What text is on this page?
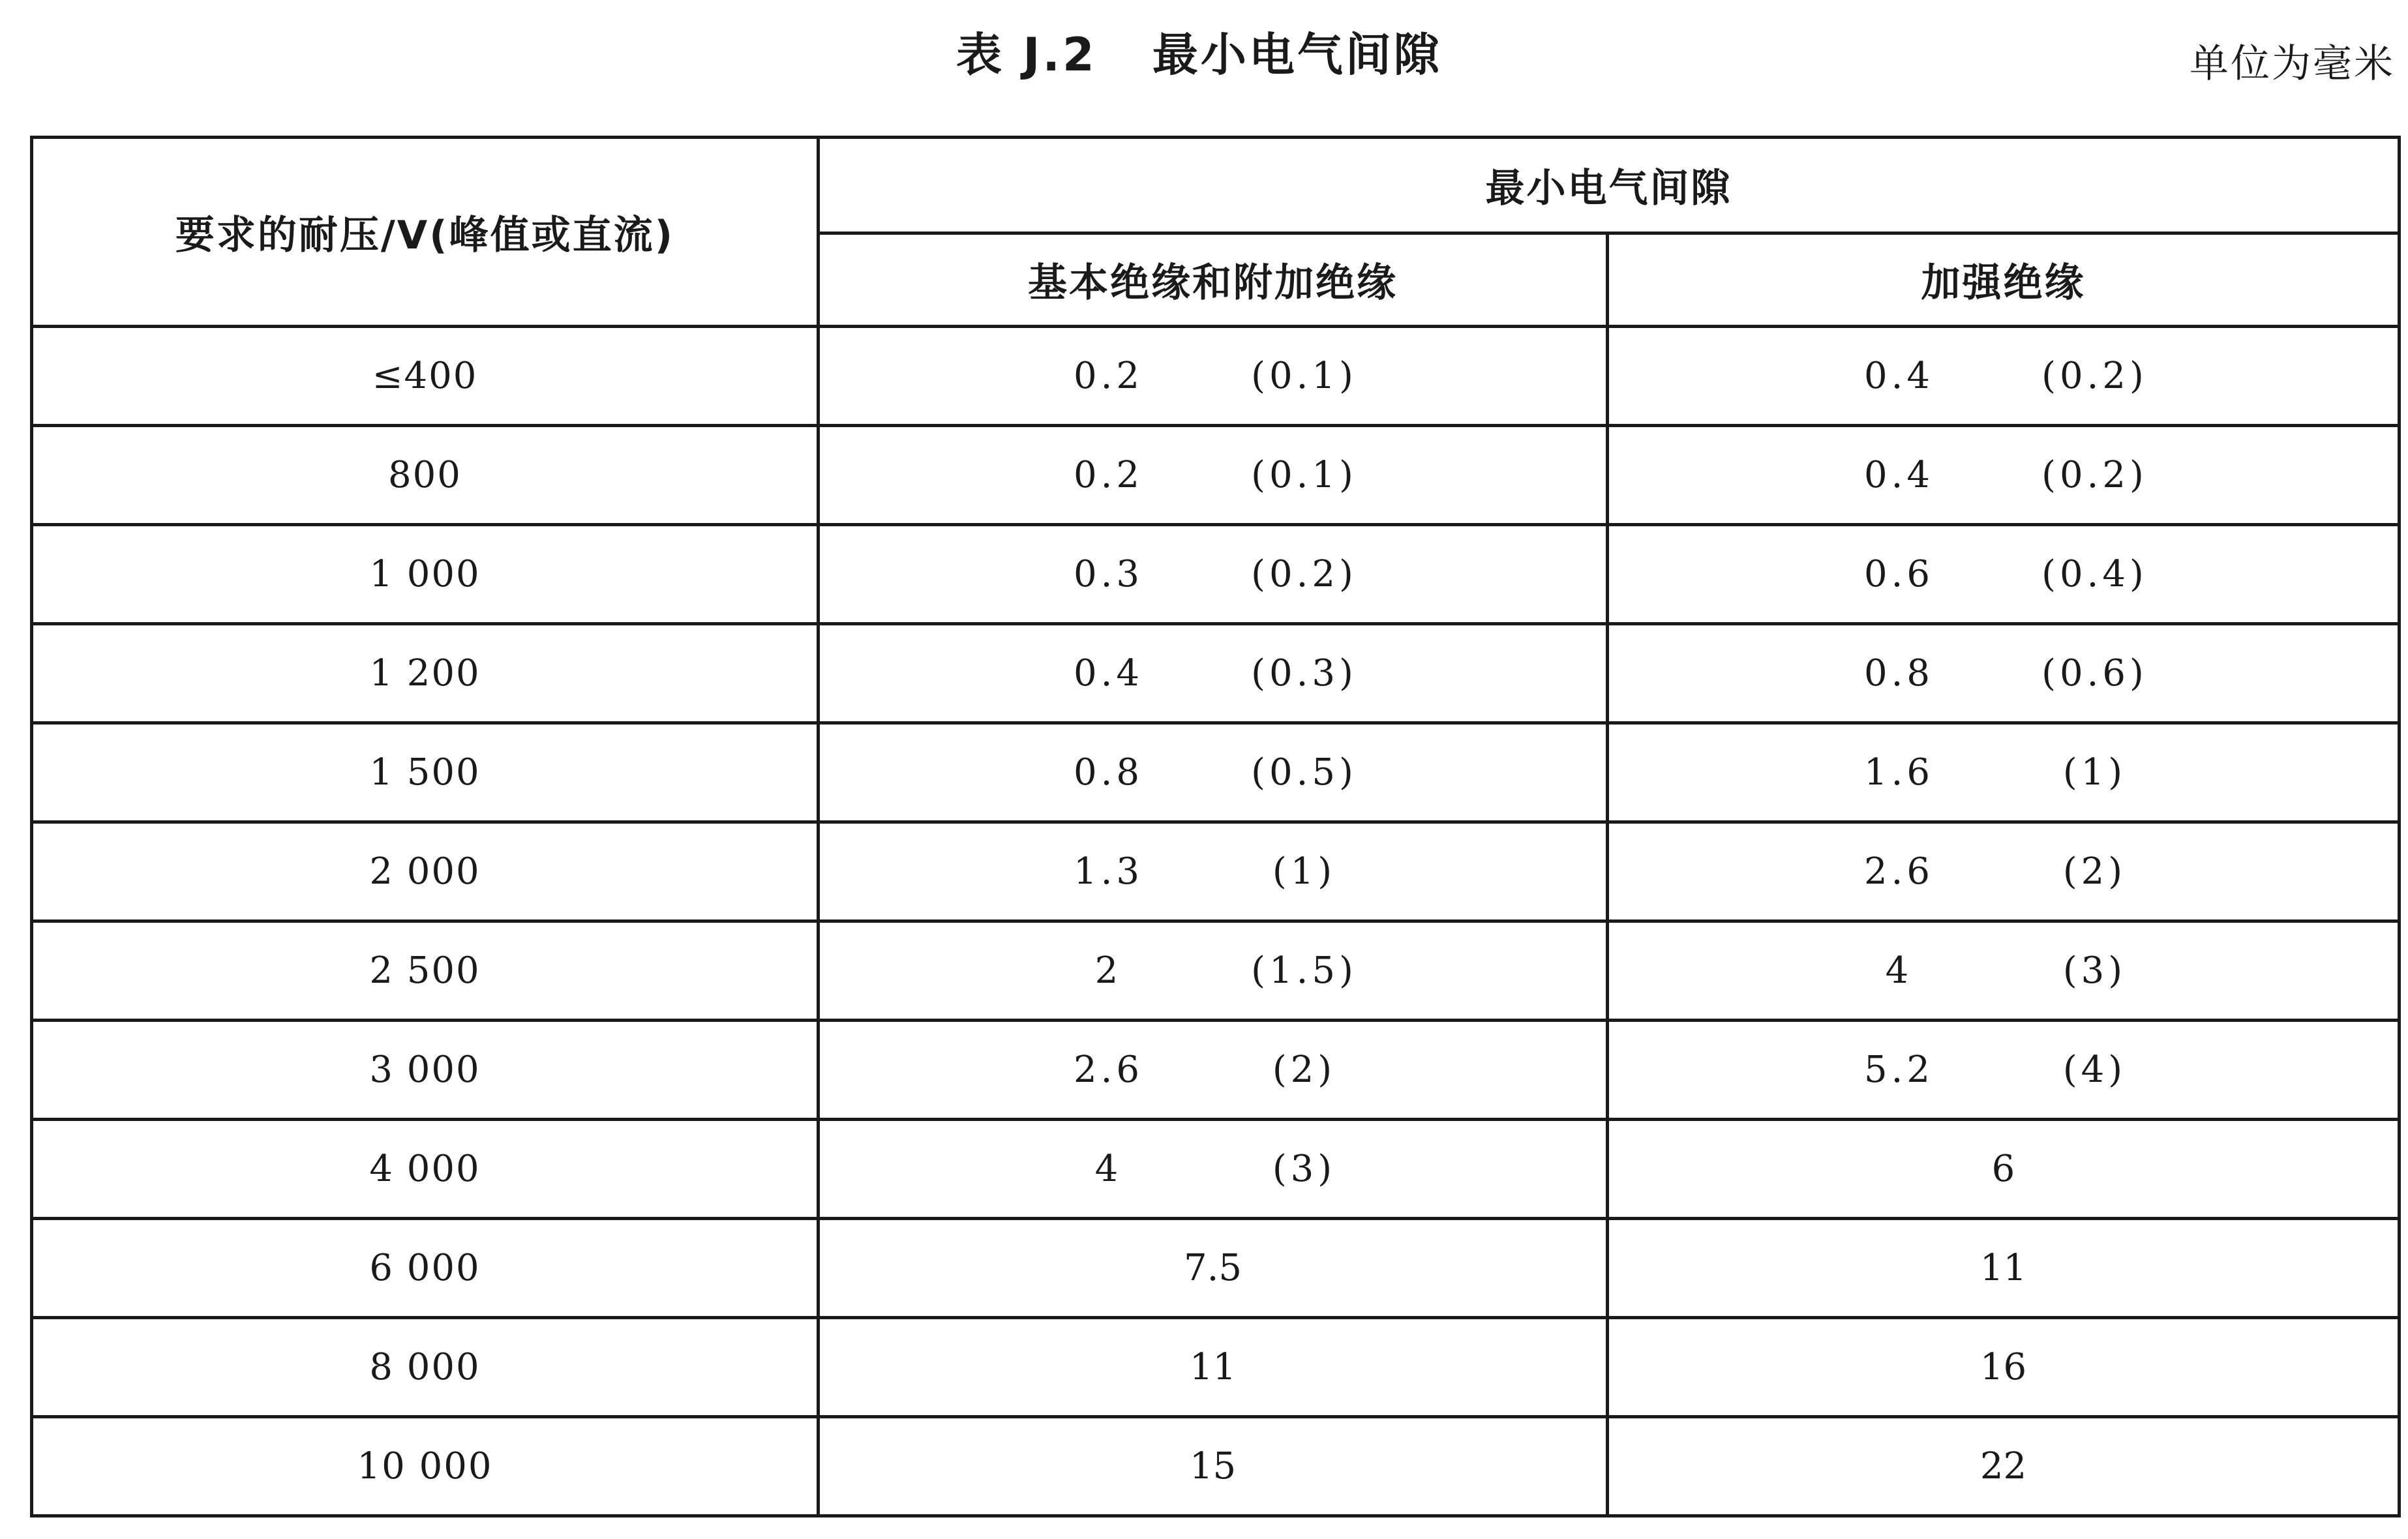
表 J.2   最小电气间隙	单位为毫米
要求的耐压/V(峰值或直流)	最小电气间隙	
	基本绝缘和附加绝缘	加强绝缘
≤400	0.2 (0.1)	0.4 (0.2)

800	0.2 (0.1)	0.4 (0.2)

1 000	0.3 (0.2)	0.6 (0.4)

1 200	0.4 (0.3)	0.8 (0.6)

1 500	0.8 (0.5)	1.6 (1)

2 000	1.3 (1)	2.6 (2)

2 500	2 (1.5)	4 (3)

3 000	2.6 (2)	5.2 (4)

4 000	4 (3)	6
6 000	7.5	11
8 000	11	16
10 000	15	22
